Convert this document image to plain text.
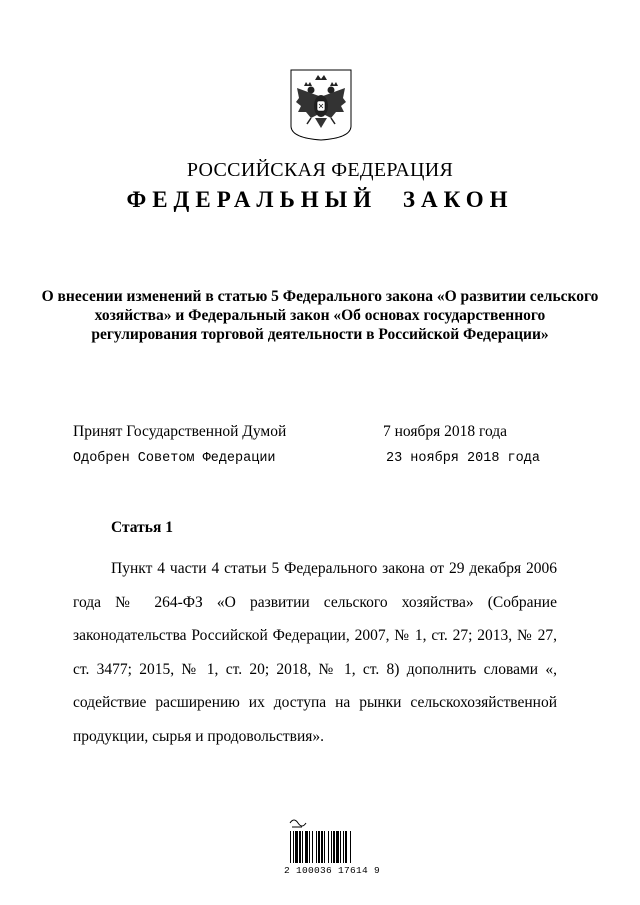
РОССИЙСКАЯ ФЕДЕРАЦИЯ
ФЕДЕРАЛЬНЫЙ ЗАКОН
О внесении изменений в статью 5 Федерального закона «О развитии сельского хозяйства» и Федеральный закон «Об основах государственного регулирования торговой деятельности в Российской Федерации»
Принят Государственной Думой	7 ноября 2018 года
Одобрен Советом Федерации	23 ноября 2018 года
Статья 1

Пункт 4 части 4 статьи 5 Федерального закона от 29 декабря 2006 года № 264-ФЗ «О развитии сельского хозяйства» (Собрание законодательства Российской Федерации, 2007, № 1, ст. 27; 2013, № 27, ст. 3477; 2015, № 1, ст. 20; 2018, № 1, ст. 8) дополнить словами «, содействие расширению их доступа на рынки сельскохозяйственной продукции, сырья и продовольствия».

2 100036 17614 9
